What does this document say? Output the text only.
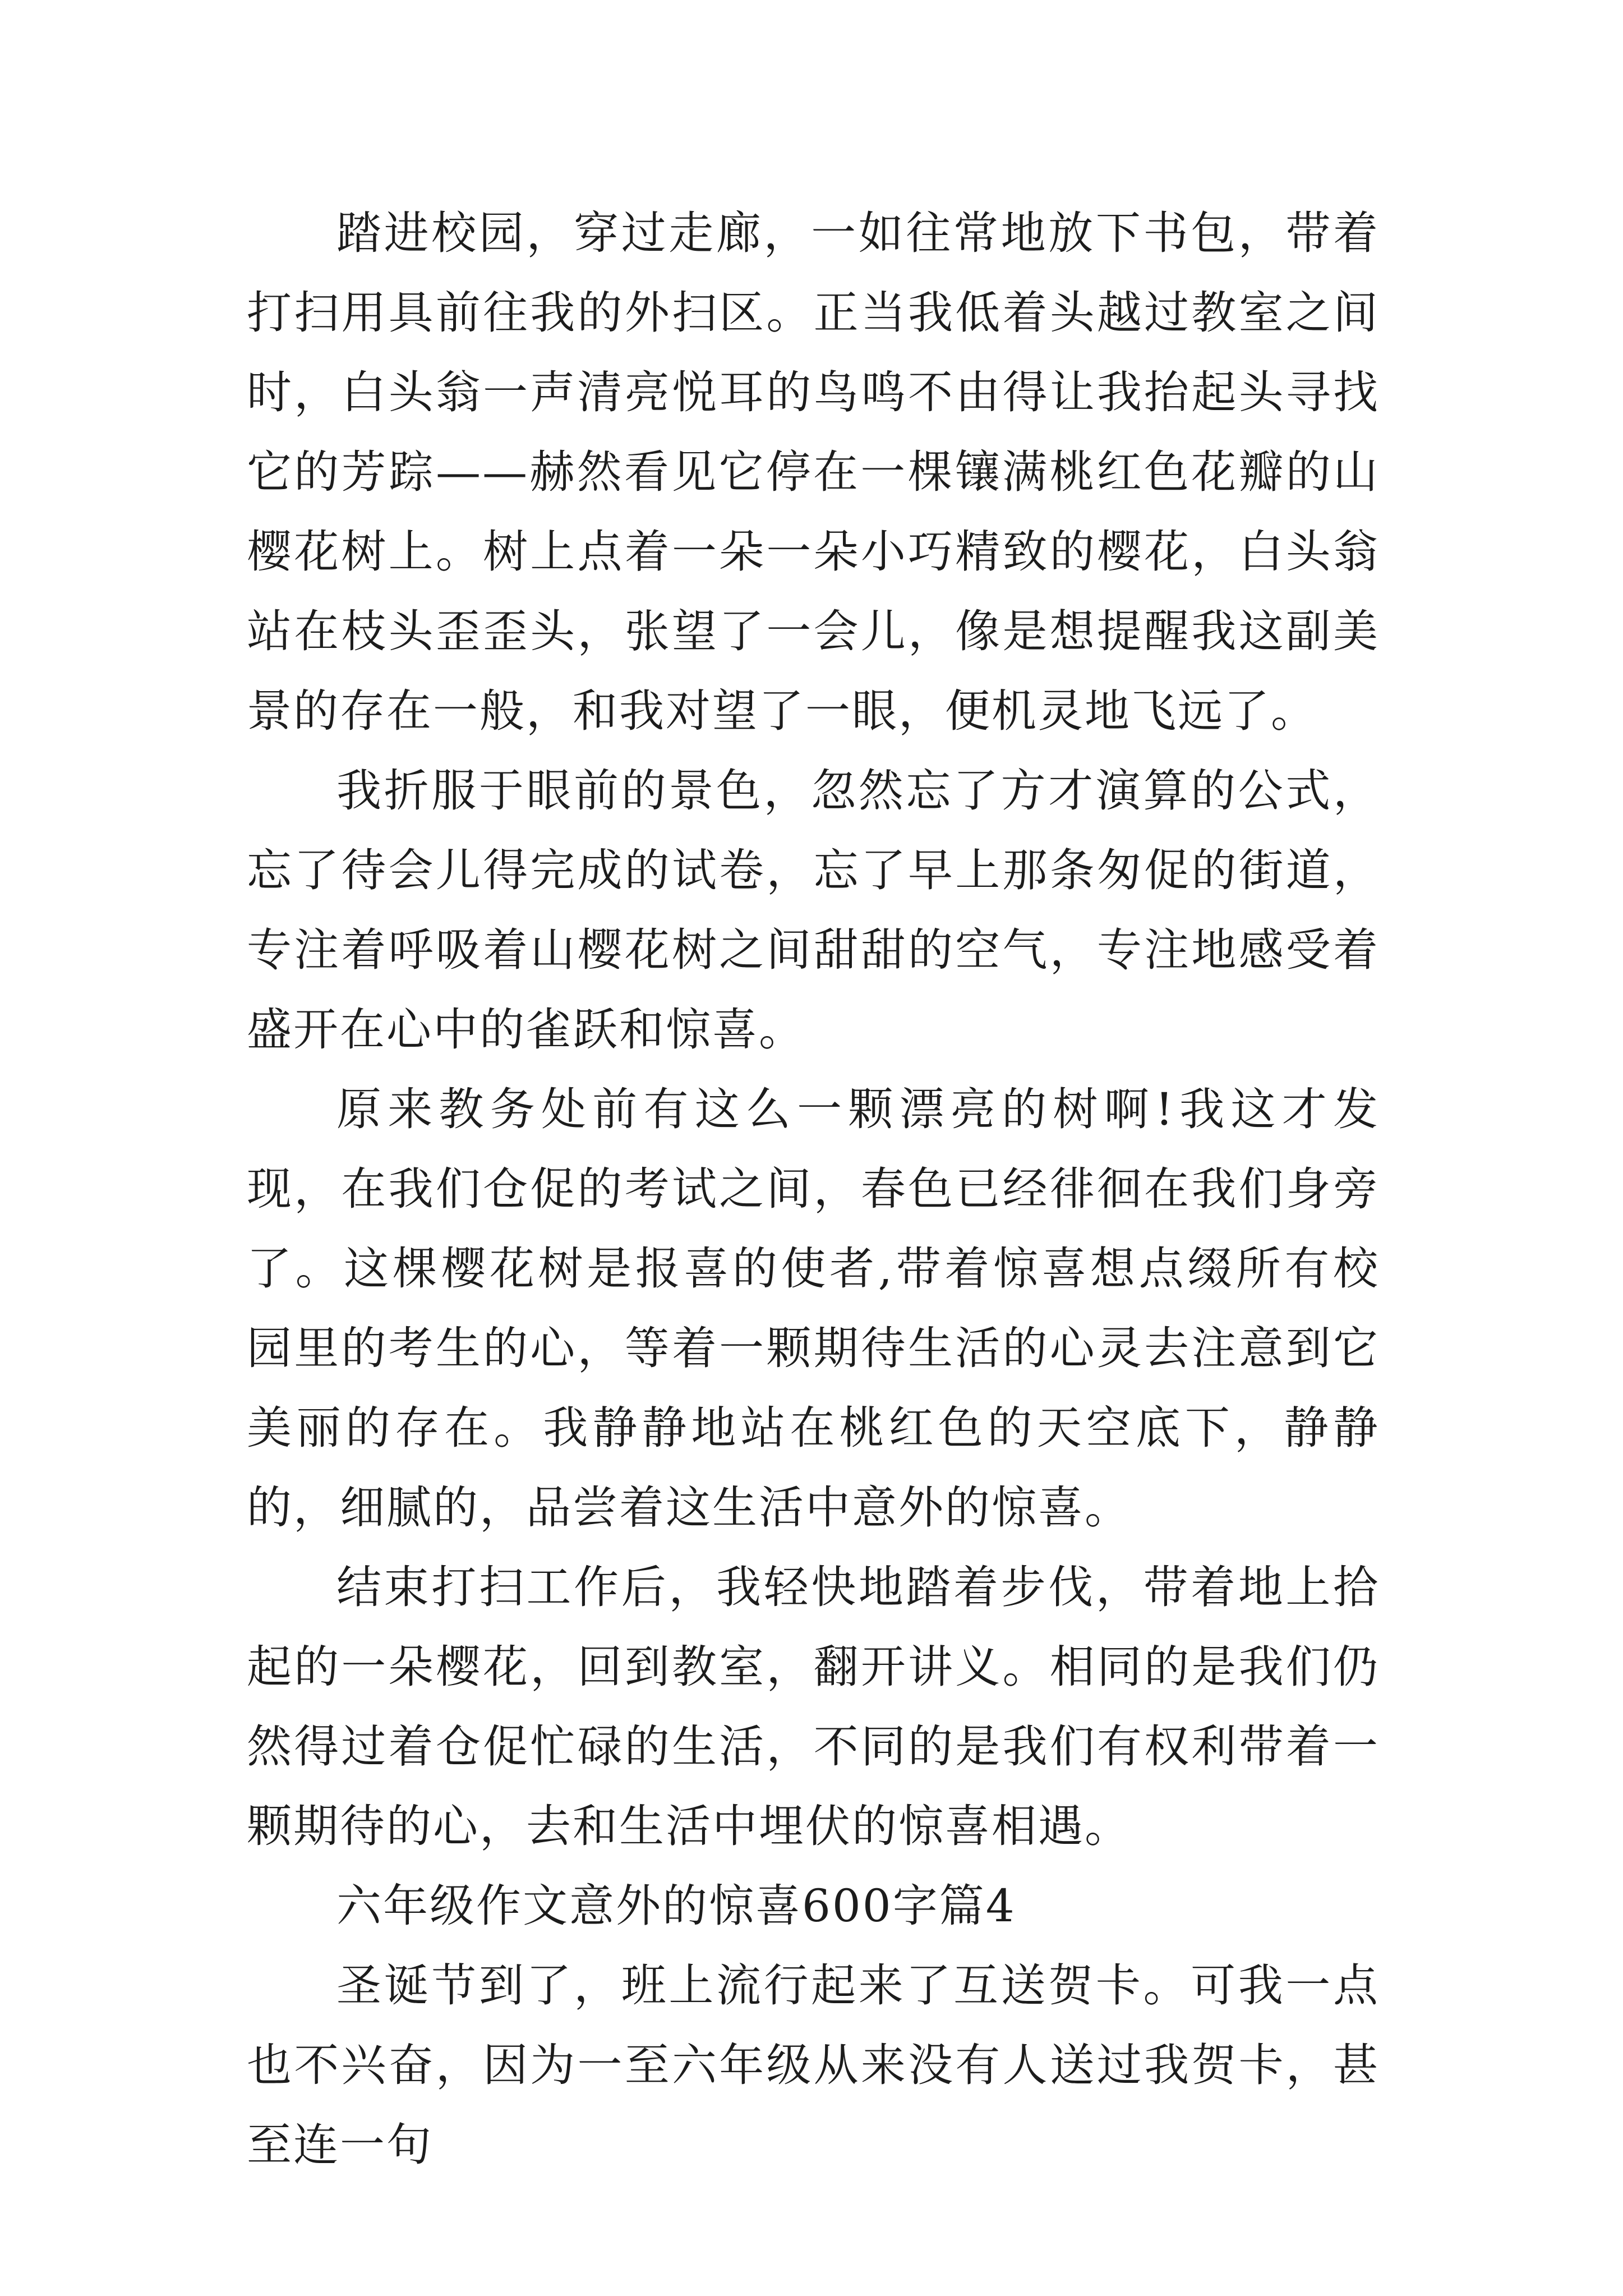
踏进校园，穿过走廊，一如往常地放下书包，带着打扫用具前往我的外扫区。正当我低着头越过教室之间时，白头翁一声清亮悦耳的鸟鸣不由得让我抬起头寻找它的芳踪——赫然看见它停在一棵镶满桃红色花瓣的山樱花树上。树上点着一朵一朵小巧精致的樱花，白头翁站在枝头歪歪头，张望了一会儿，像是想提醒我这副美景的存在一般，和我对望了一眼，便机灵地飞远了。

我折服于眼前的景色，忽然忘了方才演算的公式，忘了待会儿得完成的试卷，忘了早上那条匆促的街道，专注着呼吸着山樱花树之间甜甜的空气，专注地感受着盛开在心中的雀跃和惊喜。

原来教务处前有这么一颗漂亮的树啊!我这才发现，在我们仓促的考试之间，春色已经徘徊在我们身旁了。这棵樱花树是报喜的使者,带着惊喜想点缀所有校园里的考生的心，等着一颗期待生活的心灵去注意到它美丽的存在。我静静地站在桃红色的天空底下，静静的，细腻的，品尝着这生活中意外的惊喜。

结束打扫工作后，我轻快地踏着步伐，带着地上拾起的一朵樱花，回到教室，翻开讲义。相同的是我们仍然得过着仓促忙碌的生活，不同的是我们有权利带着一颗期待的心，去和生活中埋伏的惊喜相遇。

六年级作文意外的惊喜600字篇4

圣诞节到了，班上流行起来了互送贺卡。可我一点也不兴奋，因为一至六年级从来没有人送过我贺卡，甚至连一句
